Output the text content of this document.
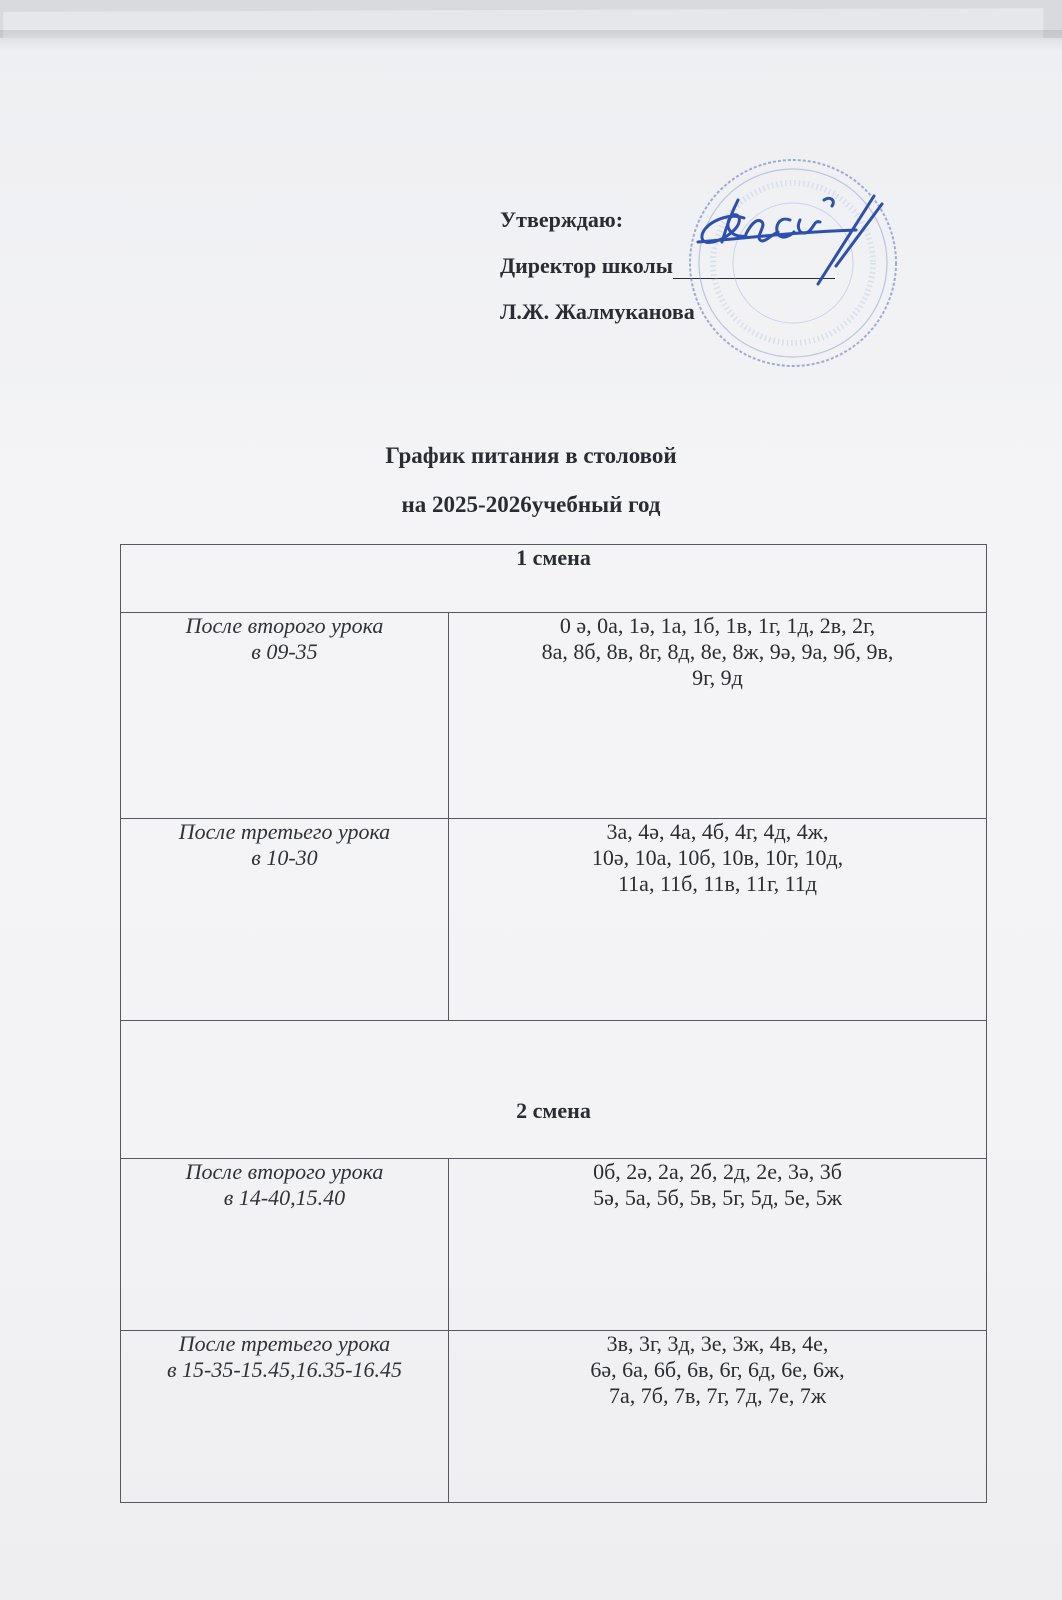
Утверждаю:
Директор школы
Л.Ж. Жалмуканова
График питания в столовой
на 2025-2026учебный год
1 смена	

После второго урока
в 09-35	0 ә, 0а, 1ә, 1а, 1б, 1в, 1г, 1д, 2в, 2г,
8а, 8б, 8в, 8г, 8д, 8е, 8ж, 9ә, 9а, 9б, 9в,
9г, 9д

После третьего урока
в 10-30	3а, 4ә, 4а, 4б, 4г, 4д, 4ж,
10ә, 10а, 10б, 10в, 10г, 10д,
11а, 11б, 11в, 11г, 11д

2 смена	

После второго урока
в 14-40,15.40	0б, 2ә, 2а, 2б, 2д, 2е, 3ә, 3б
5ә, 5а, 5б, 5в, 5г, 5д, 5е, 5ж

После третьего урока
в 15-35-15.45,16.35-16.45	3в, 3г, 3д, 3е, 3ж, 4в, 4е,
6ә, 6а, 6б, 6в, 6г, 6д, 6е, 6ж,
7а, 7б, 7в, 7г, 7д, 7е, 7ж
